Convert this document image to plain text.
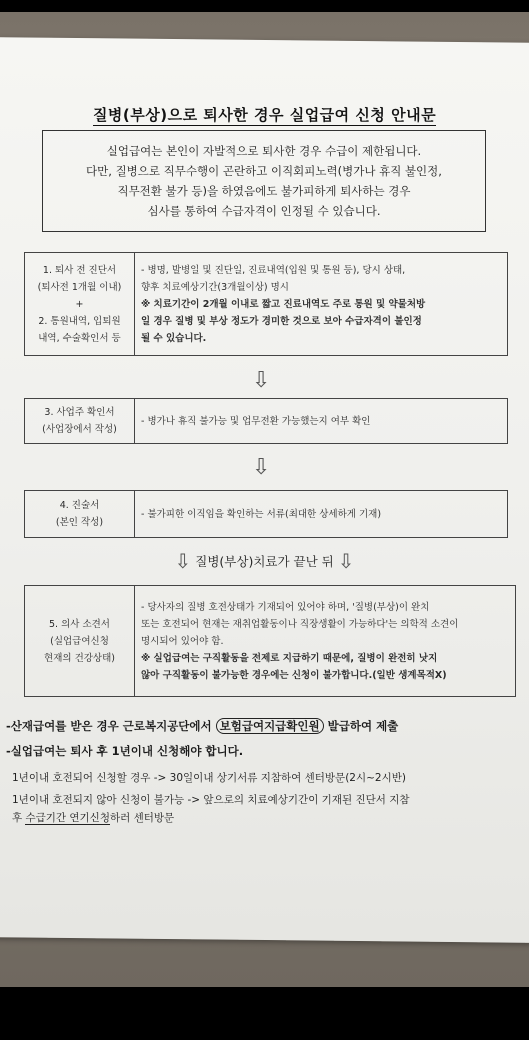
질병(부상)으로 퇴사한 경우 실업급여 신청 안내문
실업급여는 본인이 자발적으로 퇴사한 경우 수급이 제한됩니다.
다만, 질병으로 직무수행이 곤란하고 이직회피노력(병가나 휴직 불인정,
직무전환 불가 등)을 하였음에도 불가피하게 퇴사하는 경우
심사를 통하여 수급자격이 인정될 수 있습니다.
1. 퇴사 전 진단서
(퇴사전 1개월 이내)
+
2. 통원내역, 입퇴원
내역, 수술확인서 등
- 병명, 발병일 및 진단일, 진료내역(입원 및 통원 등), 당시 상태,
향후 치료예상기간(3개월이상) 명시
※ 치료기간이 2개월 이내로 짧고 진료내역도 주로 통원 및 약물처방
일 경우 질병 및 부상 정도가 경미한 것으로 보아 수급자격이 불인정
될 수 있습니다.
⇩
3. 사업주 확인서
(사업장에서 작성)
- 병가나 휴직 불가능 및 업무전환 가능했는지 여부 확인
⇩
4. 진술서
(본인 작성)
- 불가피한 이직임을 확인하는 서류(최대한 상세하게 기재)
⇩ 질병(부상)치료가 끝난 뒤 ⇩
5. 의사 소견서
(실업급여신청
현재의 건강상태)
- 당사자의 질병 호전상태가 기재되어 있어야 하며, '질병(부상)이 완치
또는 호전되어 현재는 재취업활동이나 직장생활이 가능하다'는 의학적 소견이
명시되어 있어야 함.
※ 실업급여는 구직활동을 전제로 지급하기 때문에, 질병이 완전히 낫지
않아 구직활동이 불가능한 경우에는 신청이 불가합니다.(일반 생계목적X)
-산재급여를 받은 경우 근로복지공단에서 보험급여지급확인원 발급하여 제출
-실업급여는 퇴사 후 1년이내 신청해야 합니다.
1년이내 호전되어 신청할 경우 -> 30일이내 상기서류 지참하여 센터방문(2시~2시반)
1년이내 호전되지 않아 신청이 불가능 -> 앞으로의 치료예상기간이 기재된 진단서 지참
후 수급기간 연기신청하러 센터방문
